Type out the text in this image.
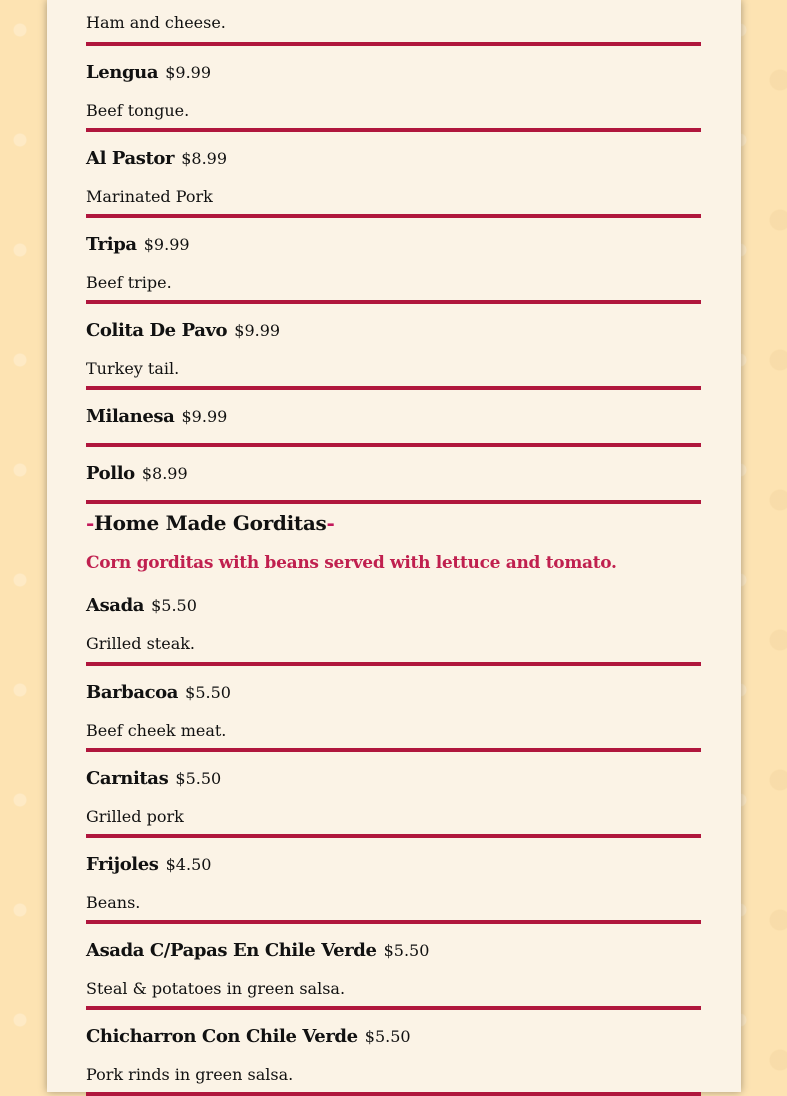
Ham and cheese.
Lengua $9.99
Beef tongue.
Al Pastor $8.99
Marinated Pork
Tripa $9.99
Beef tripe.
Colita De Pavo $9.99
Turkey tail.
Milanesa $9.99
Pollo $8.99
-Home Made Gorditas-
Corn gorditas with beans served with lettuce and tomato.
Asada $5.50
Grilled steak.
Barbacoa $5.50
Beef cheek meat.
Carnitas $5.50
Grilled pork
Frijoles $4.50
Beans.
Asada C/Papas En Chile Verde $5.50
Steal & potatoes in green salsa.
Chicharron Con Chile Verde $5.50
Pork rinds in green salsa.
